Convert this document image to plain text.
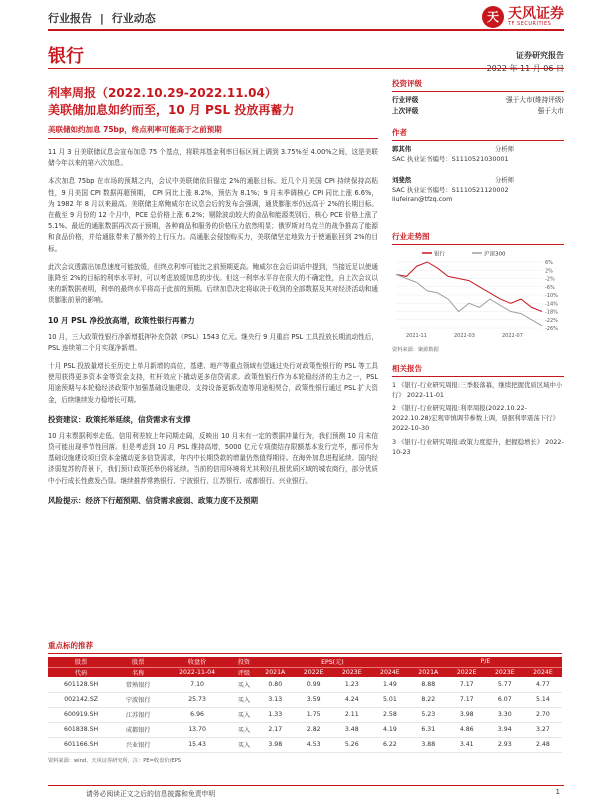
行业报告 | 行业动态	天 天风证券
TF SECURITIES
银行	证券研究报告
利率周报（2022.10.29-2022.11.04）
美联储加息如约而至，10 月 PSL 投放再蓄力
美联储如约加息 75bp，终点利率可能高于之前预期

11 月 3 日美联储议息会宣布加息 75 个基点，将联邦基金利率目标区间上调到 3.75%至 4.00%之间，这是美联储今年以来的第六次加息。

本次加息 75bp 在市场的预期之内，会议中美联储依旧锚定 2%的通胀目标。近几个月美国 CPI 持续保持高粘性，9 月美国 CPI 数据再超预期， CPI 同比上涨 8.2%，预估为 8.1%；9 月未季调核心 CPI 同比上涨 6.6%，为 1982 年 8 月以来最高。美联储主席鲍威尔在议息会后的发布会强调，通货膨胀率仍远高于 2%的长期目标。在截至 9 月份的 12 个月中，PCE 总价格上涨 6.2%；剔除波动较大的食品和能源类别后，核心 PCE 价格上涨了 5.1%。最近的通胀数据再次高于预期，各种商品和服务的价格压力依然明显；俄罗斯对乌克兰的战争推高了能源和食品价格，并给通胀带来了额外的上行压力。高通胀会侵蚀购买力，美联储坚定地致力于使通胀回到 2%的目标。

此次会议透露出加息速度可能放缓，但终点利率可能比之前预期更高。鲍威尔在会后讲话中提到，当接近足以使通胀降至 2%的目标的利率水平时，可以考虑放缓加息的步伐。但这一利率水平存在很大的不确定性，自上次会议以来的新数据表明，利率的最终水平将高于此前的预期。后续加息决定将取决于收到的全部数据及其对经济活动和通货膨胀前景的影响。

10 月 PSL 净投放高增，政策性银行再蓄力

10 月，三大政策性银行净新增抵押补充贷款（PSL）1543 亿元。继央行 9 月重启 PSL 工具投放长期流动性后，PSL 连续第二个月实现净新增。

十月 PSL 投放量增长至历史上单月新增的高位，基建、地产等重点领域有望通过央行对政策性银行的 PSL 等工具使用获得更多资本金等资金支持，杠杆效应下撬动更多信贷需求。政策性银行作为本轮稳经济的主力之一，PSL 用途预期与本轮稳经济政策中加强基础设施建设、支持设备更新改造等用途相契合，政策性银行通过 PSL 扩大资金，后续继续发力稳增长可期。

投资建议：政策托举延续，信贷需求有支撑

10 月末票据利率走低、信用利差较上年同期走阔，反映出 10 月末有一定的票据冲量行为，我们预测 10 月末信贷可能出现季节性回落。但是考虑到 10 月 PSL 维持高增，5000 亿元专项债结存限额基本发行完毕，都可作为基础设施建设项目资本金撬动更多信贷需求，年内中长期贷款的增量仍然值得期待。在海外加息进程延续、国内经济弱复苏的背景下，我们预计政策托举仍将延续。当前的信用环境将尤其利好扎根优质区域的城农商行，部分优质中小行成长性愈发凸显。继续推荐常熟银行、宁波银行、江苏银行、成都银行、兴业银行。

风险提示：经济下行超预期、信贷需求疲弱、政策力度不及预期
投资评级
行业评级	强于大市(维持评级)
上次评级	强于大市
作者
郭其伟	分析师
SAC 执业证书编号：S1110521030001
刘斐然	分析师
SAC 执业证书编号：S1110521120002
liufeiran@tfzq.com
行业走势图
银行	沪深300
6%
2%
-2%
-6%
-10%
-14%
-18%
-22%
-26%
2021-11	2022-03	2022-07
资料来源：聚源数据
相关报告
1 《银行-行业研究周报:三季报落幕，继续把握优质区域中小行》 2022-11-01
2 《银行-行业研究周报:利率周报(2022.10.22-2022.10.28)宏观审慎调节参数上调，票据利率震荡下行》 2022-10-30
3 《银行-行业研究周报:政策力度提升，把握稳增长》 2022-10-23
重点标的推荐
股票	股票	收盘价	投资	EPS(元)				P/E			
代码	名称	2022-11-04	评级	2021A	2022E	2023E	2024E	2021A	2022E	2023E	2024E
601128.SH	常熟银行	7.10	买入	0.80	0.99	1.23	1.49	8.88	7.17	5.77	4.77
002142.SZ	宁波银行	25.73	买入	3.13	3.59	4.24	5.01	8.22	7.17	6.07	5.14
600919.SH	江苏银行	6.96	买入	1.33	1.75	2.11	2.58	5.23	3.98	3.30	2.70
601838.SH	成都银行	13.70	买入	2.17	2.82	3.48	4.19	6.31	4.86	3.94	3.27
601166.SH	兴业银行	15.43	买入	3.98	4.53	5.26	6.22	3.88	3.41	2.93	2.48
资料来源：wind、天风证券研究所，注：PE=收盘价/EPS
请务必阅读正文之后的信息披露和免责申明	1
